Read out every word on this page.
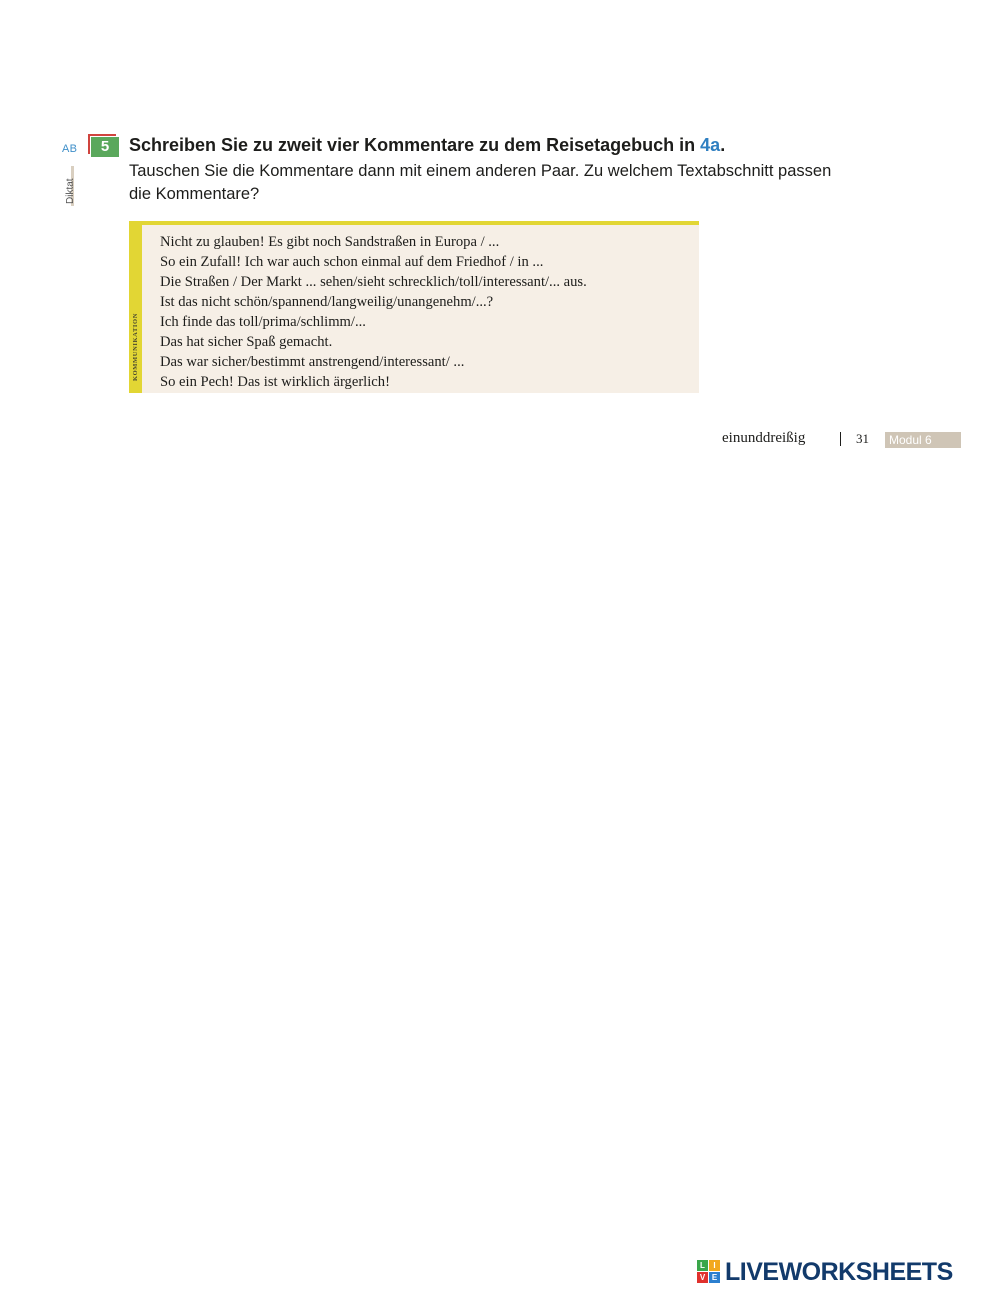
AB
Diktat
5	Schreiben Sie zu zweit vier Kommentare zu dem Reisetagebuch in 4a.
Tauschen Sie die Kommentare dann mit einem anderen Paar. Zu welchem Textabschnitt passen die Kommentare?
KOMMUNIKATION
Nicht zu glauben! Es gibt noch Sandstraßen in Europa / ...
So ein Zufall! Ich war auch schon einmal auf dem Friedhof / in ...
Die Straßen / Der Markt ... sehen/sieht schrecklich/toll/interessant/... aus.
Ist das nicht schön/spannend/langweilig/unangenehm/...?
Ich finde das toll/prima/schlimm/...
Das hat sicher Spaß gemacht.
Das war sicher/bestimmt anstrengend/interessant/ ...
So ein Pech! Das ist wirklich ärgerlich!
einunddreißig	31	Modul 6
L	I
V E LIVEWORKSHEETS
